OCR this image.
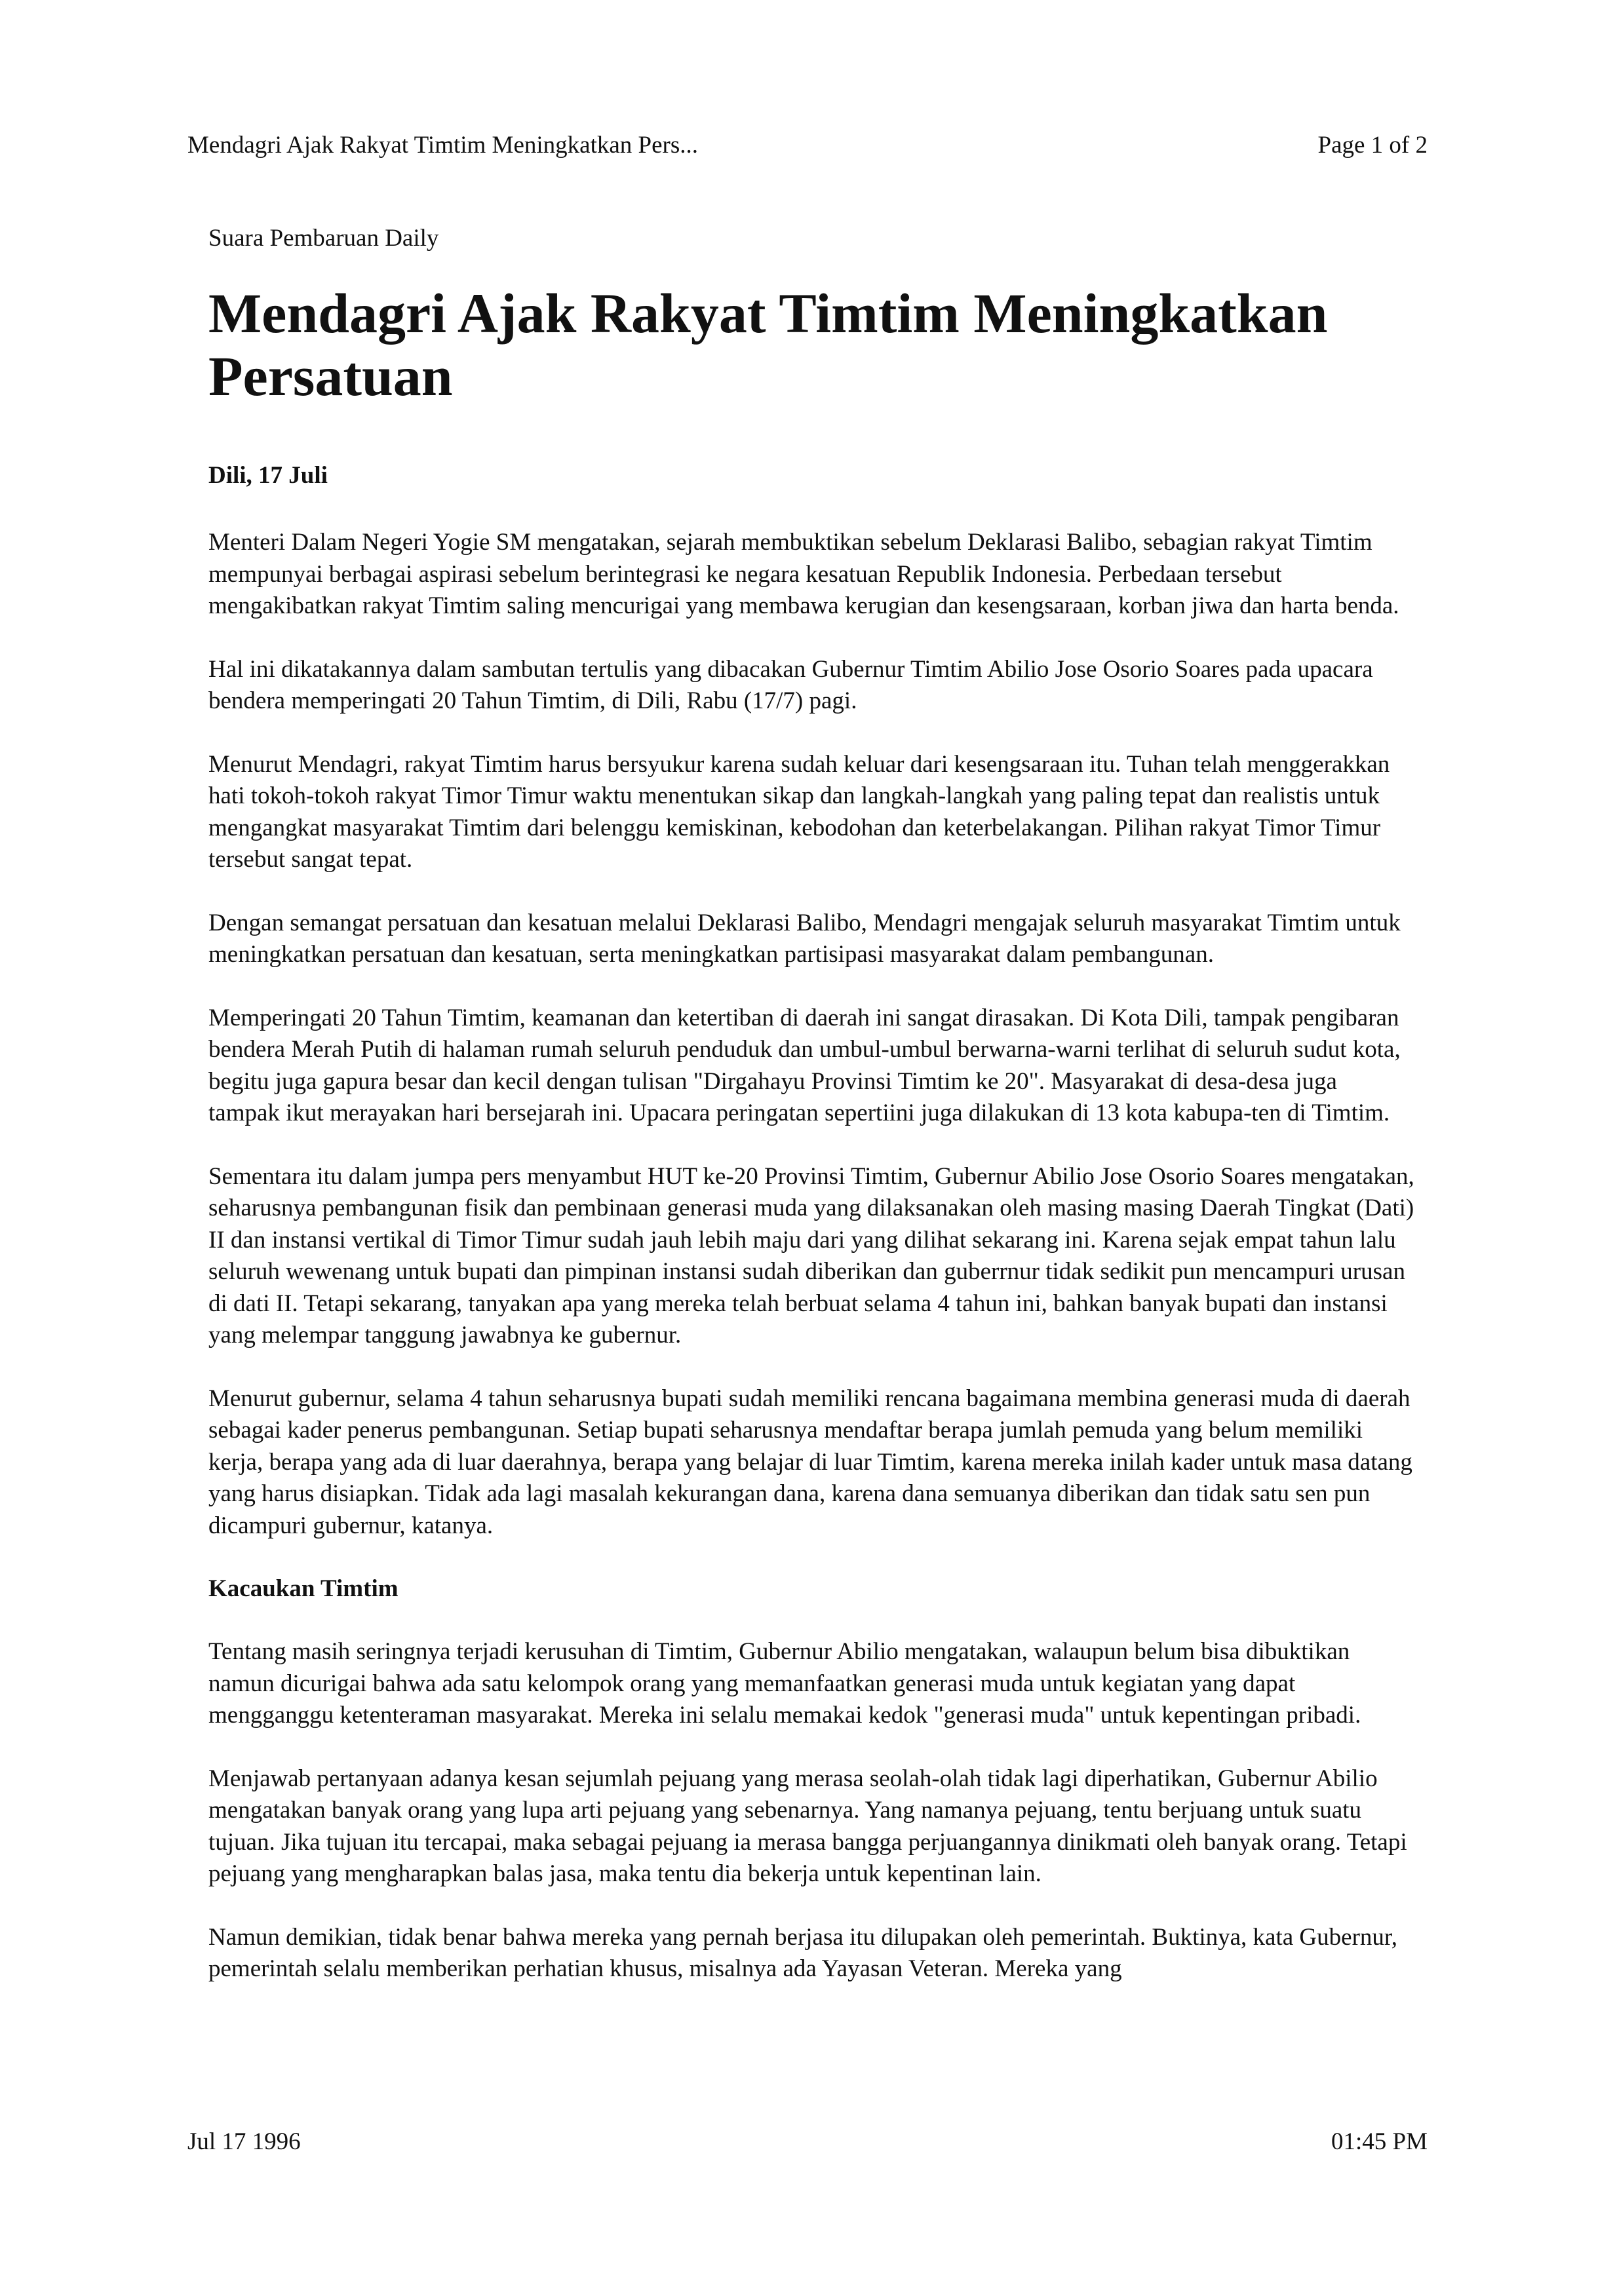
Mendagri Ajak Rakyat Timtim Meningkatkan Pers...	Page 1 of 2
Suara Pembaruan Daily
Mendagri Ajak Rakyat Timtim Meningkatkan Persatuan
Dili, 17 Juli

Menteri Dalam Negeri Yogie SM mengatakan, sejarah membuktikan sebelum Deklarasi Balibo, sebagian rakyat Timtim mempunyai berbagai aspirasi sebelum berintegrasi ke negara kesatuan Republik Indonesia. Perbedaan tersebut mengakibatkan rakyat Timtim saling mencurigai yang membawa kerugian dan kesengsaraan, korban jiwa dan harta benda.

Hal ini dikatakannya dalam sambutan tertulis yang dibacakan Gubernur Timtim Abilio Jose Osorio Soares pada upacara bendera memperingati 20 Tahun Timtim, di Dili, Rabu (17/7) pagi.

Menurut Mendagri, rakyat Timtim harus bersyukur karena sudah keluar dari kesengsaraan itu. Tuhan telah menggerakkan hati tokoh-tokoh rakyat Timor Timur waktu menentukan sikap dan langkah-langkah yang paling tepat dan realistis untuk mengangkat masyarakat Timtim dari belenggu kemiskinan, kebodohan dan keterbelakangan. Pilihan rakyat Timor Timur tersebut sangat tepat.

Dengan semangat persatuan dan kesatuan melalui Deklarasi Balibo, Mendagri mengajak seluruh masyarakat Timtim untuk meningkatkan persatuan dan kesatuan, serta meningkatkan partisipasi masyarakat dalam pembangunan.

Memperingati 20 Tahun Timtim, keamanan dan ketertiban di daerah ini sangat dirasakan. Di Kota Dili, tampak pengibaran bendera Merah Putih di halaman rumah seluruh penduduk dan umbul-umbul berwarna-warni terlihat di seluruh sudut kota, begitu juga gapura besar dan kecil dengan tulisan "Dirgahayu Provinsi Timtim ke 20". Masyarakat di desa-desa juga tampak ikut merayakan hari bersejarah ini. Upacara peringatan sepertiini juga dilakukan di 13 kota kabupa-ten di Timtim.

Sementara itu dalam jumpa pers menyambut HUT ke-20 Provinsi Timtim, Gubernur Abilio Jose Osorio Soares mengatakan, seharusnya pembangunan fisik dan pembinaan generasi muda yang dilaksanakan oleh masing masing Daerah Tingkat (Dati) II dan instansi vertikal di Timor Timur sudah jauh lebih maju dari yang dilihat sekarang ini. Karena sejak empat tahun lalu seluruh wewenang untuk bupati dan pimpinan instansi sudah diberikan dan guberrnur tidak sedikit pun mencampuri urusan di dati II. Tetapi sekarang, tanyakan apa yang mereka telah berbuat selama 4 tahun ini, bahkan banyak bupati dan instansi yang melempar tanggung jawabnya ke gubernur.

Menurut gubernur, selama 4 tahun seharusnya bupati sudah memiliki rencana bagaimana membina generasi muda di daerah sebagai kader penerus pembangunan. Setiap bupati seharusnya mendaftar berapa jumlah pemuda yang belum memiliki kerja, berapa yang ada di luar daerahnya, berapa yang belajar di luar Timtim, karena mereka inilah kader untuk masa datang yang harus disiapkan. Tidak ada lagi masalah kekurangan dana, karena dana semuanya diberikan dan tidak satu sen pun dicampuri gubernur, katanya.

Kacaukan Timtim

Tentang masih seringnya terjadi kerusuhan di Timtim, Gubernur Abilio mengatakan, walaupun belum bisa dibuktikan namun dicurigai bahwa ada satu kelompok orang yang memanfaatkan generasi muda untuk kegiatan yang dapat mengganggu ketenteraman masyarakat. Mereka ini selalu memakai kedok "generasi muda" untuk kepentingan pribadi.

Menjawab pertanyaan adanya kesan sejumlah pejuang yang merasa seolah-olah tidak lagi diperhatikan, Gubernur Abilio mengatakan banyak orang yang lupa arti pejuang yang sebenarnya. Yang namanya pejuang, tentu berjuang untuk suatu tujuan. Jika tujuan itu tercapai, maka sebagai pejuang ia merasa bangga perjuangannya dinikmati oleh banyak orang. Tetapi pejuang yang mengharapkan balas jasa, maka tentu dia bekerja untuk kepentinan lain.

Namun demikian, tidak benar bahwa mereka yang pernah berjasa itu dilupakan oleh pemerintah. Buktinya, kata Gubernur, pemerintah selalu memberikan perhatian khusus, misalnya ada Yayasan Veteran. Mereka yang

Jul 17 1996	01:45 PM
